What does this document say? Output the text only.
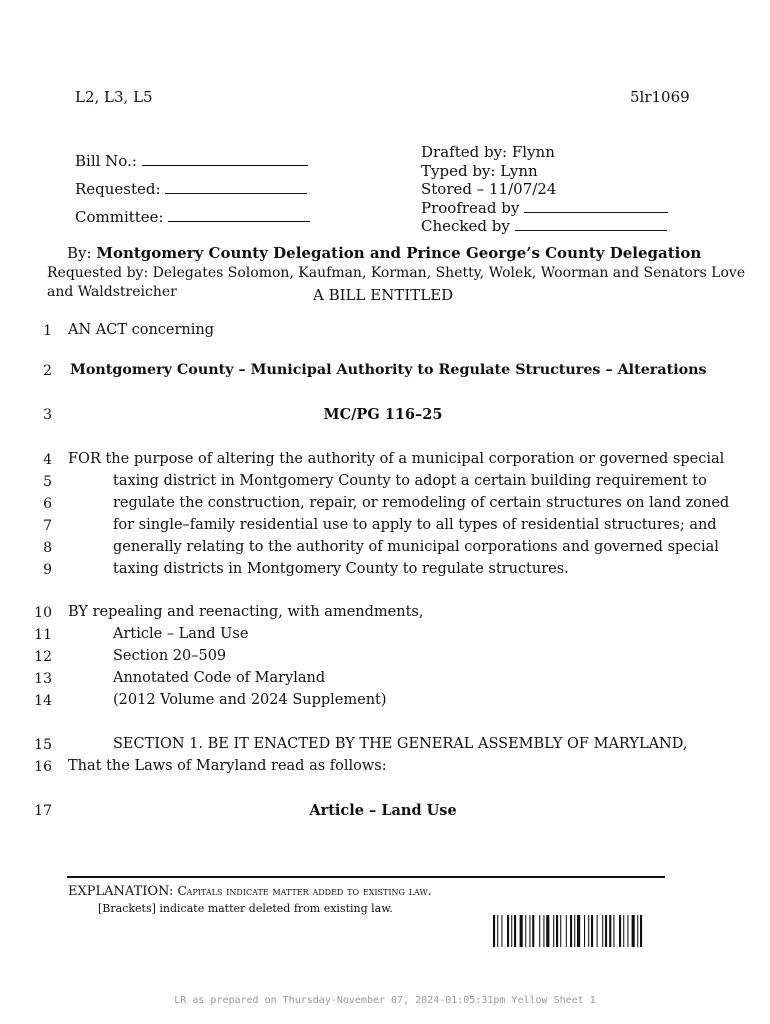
L2, L3, L5	5lr1069
Bill No.:
Requested:
Committee:
Drafted by: Flynn
Typed by: Lynn
Stored – 11/07/24
Proofread by
Checked by
By: Montgomery County Delegation and Prince George’s County Delegation
Requested by: Delegates Solomon, Kaufman, Korman, Shetty, Wolek, Woorman and Senators Love
and Waldstreicher	A BILL ENTITLED
1 AN ACT concerning
2 Montgomery County – Municipal Authority to Regulate Structures – Alterations
3	MC/PG 116–25
4 FOR the purpose of altering the authority of a municipal corporation or governed special
5	taxing district in Montgomery County to adopt a certain building requirement to
6	regulate the construction, repair, or remodeling of certain structures on land zoned
7	for single–family residential use to apply to all types of residential structures; and
8	generally relating to the authority of municipal corporations and governed special
9	taxing districts in Montgomery County to regulate structures.
10 BY repealing and reenacting, with amendments,
11	Article – Land Use
12	Section 20–509
13	Annotated Code of Maryland
14	(2012 Volume and 2024 Supplement)
15	SECTION 1. BE IT ENACTED BY THE GENERAL ASSEMBLY OF MARYLAND,
16 That the Laws of Maryland read as follows:
17	Article – Land Use
EXPLANATION: Capitals indicate matter added to existing law.
[Brackets] indicate matter deleted from existing law.
LR as prepared on Thursday-November 07, 2024-01:05:31pm Yellow Sheet 1
